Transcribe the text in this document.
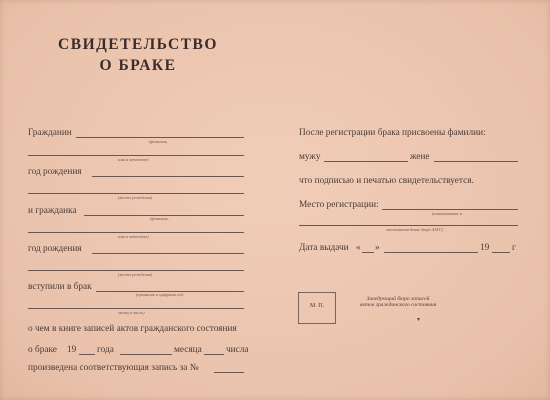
СВИДЕТЕЛЬСТВО
О БРАКЕ
Гражданин
(фамилия,
имя и отчество)
год рождения
(место рождения)
и гражданка
(фамилия,
имя и отчество)
год рождения
(место рождения)
вступили в брак
(прописью и цифрами год,
месяц и число)
о чем в книге записей актов гражданского состояния
о браке 19 года	месяца	числа
произведена соответствующая запись за №
После регистрации брака присвоены фамилии:
мужу	жене
что подписью и печатью свидетельствуется.
Место регистрации:
(наименование и
местонахождение бюро ЗАГС)
Дата выдачи « »	19 г
М. П.
Заведующий бюро записей
актов гражданского состояния
▾
